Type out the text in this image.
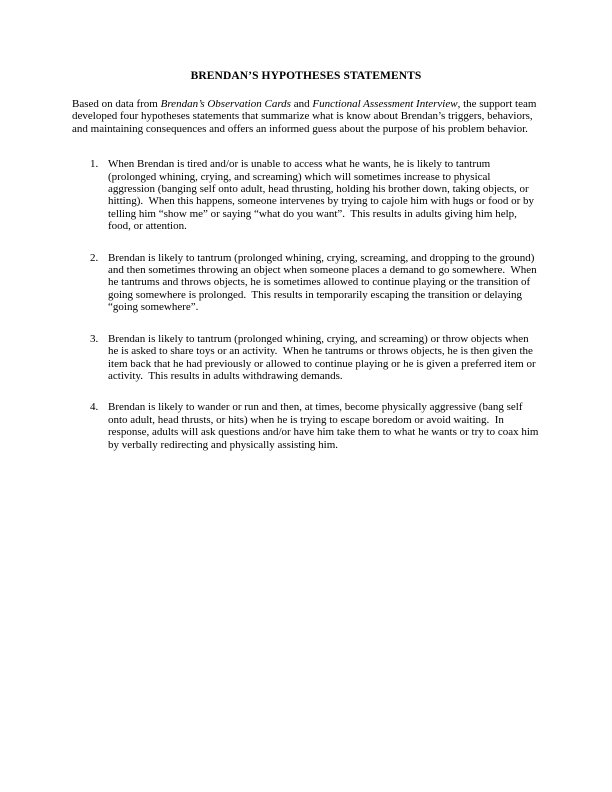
BRENDAN’S HYPOTHESES STATEMENTS

Based on data from Brendan’s Observation Cards and Functional Assessment Interview, the support team developed four hypotheses statements that summarize what is know about Brendan’s triggers, behaviors, and maintaining consequences and offers an informed guess about the purpose of his problem behavior.

1. When Brendan is tired and/or is unable to access what he wants, he is likely to tantrum (prolonged whining, crying, and screaming) which will sometimes increase to physical aggression (banging self onto adult, head thrusting, holding his brother down, taking objects, or hitting).  When this happens, someone intervenes by trying to cajole him with hugs or food or by telling him “show me” or saying “what do you want”.  This results in adults giving him help, food, or attention.
2. Brendan is likely to tantrum (prolonged whining, crying, screaming, and dropping to the ground) and then sometimes throwing an object when someone places a demand to go somewhere.  When he tantrums and throws objects, he is sometimes allowed to continue playing or the transition of going somewhere is prolonged.  This results in temporarily escaping the transition or delaying “going somewhere”.
3. Brendan is likely to tantrum (prolonged whining, crying, and screaming) or throw objects when he is asked to share toys or an activity.  When he tantrums or throws objects, he is then given the item back that he had previously or allowed to continue playing or he is given a preferred item or activity.  This results in adults withdrawing demands.
4. Brendan is likely to wander or run and then, at times, become physically aggressive (bang self onto adult, head thrusts, or hits) when he is trying to escape boredom or avoid waiting.  In response, adults will ask questions and/or have him take them to what he wants or try to coax him by verbally redirecting and physically assisting him.
